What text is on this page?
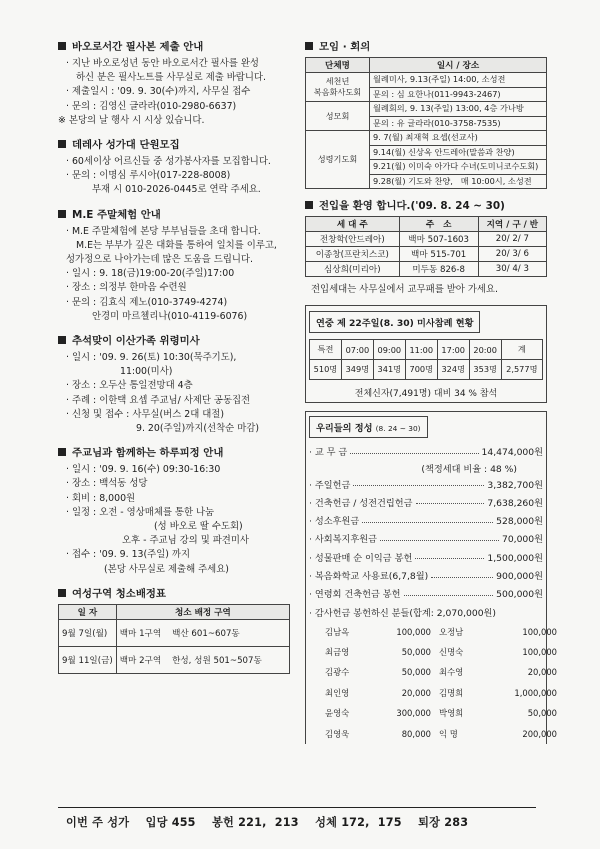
바오로서간 필사본 제출 안내
· 지난 바오로성년 동안 바오로서간 필사를 완성
하신 분은 필사노트를 사무실로 제출 바랍니다.
· 제출일시 : '09. 9. 30(수)까지, 사무실 접수
· 문의 : 김영신 글라라(010-2980-6637)
※ 본당의 날 행사 시 시상 있습니다.
데레사 성가대 단원모집
· 60세이상 어르신들 중 성가봉사자를 모집합니다.
· 문의 : 이명심 루시아(017-228-8008)
부재 시 010-2026-0445로 연락 주세요.
M.E 주말체험 안내
· M.E 주말체험에 본당 부부님들을 초대 합니다.
M.E는 부부가 깊은 대화를 통하여 일치를 이루고,
성가정으로 나아가는데 많은 도움을 드립니다.
· 일시 : 9. 18(금)19:00-20(주일)17:00
· 장소 : 의정부 한마음 수련원
· 문의 : 김효식 제노(010-3749-4274)
안경미 마르첼리나(010-4119-6076)
추석맞이 이산가족 위령미사
· 일시 : '09. 9. 26(토) 10:30(묵주기도),
11:00(미사)
· 장소 : 오두산 통일전망대 4층
· 주례 : 이한택 요셉 주교님/ 사제단 공동집전
· 신청 및 접수 : 사무실(버스 2대 대절)
9. 20(주일)까지(선착순 마감)
주교님과 함께하는 하루피정 안내
· 일시 : '09. 9. 16(수) 09:30-16:30
· 장소 : 백석동 성당
· 회비 : 8,000원
· 일정 : 오전 - 영상매체를 통한 나눔
(성 바오로 딸 수도회)
오후 - 주교님 강의 및 파견미사
· 접수 : '09. 9. 13(주일) 까지
(본당 사무실로 제출해 주세요)
여성구역 청소배정표
일 자	청소 배정 구역
9월 7일(월)	백마 1구역    백산 601~607동
9월 11일(금)	백마 2구역    한성, 성원 501~507동
모임 · 회의
단체명	일시 / 장소

세천년
복음화사도회	월례미사, 9.13(주일) 14:00, 소성전
	문의 : 심 요한나(011-9943-2467)
성모회	월례회의, 9. 13(주일) 13:00, 4층 가나방
	문의 : 유 글라라(010-3758-7535)
성령기도회	9. 7(월) 최재혁 요셉(선교사)
	9.14(월) 신상옥 안드레아(말씀과 찬양)
	9.21(월) 이미숙 아가다 수녀(도미니코수도회)
	9.28(월) 기도와 찬양,   매 10:00시, 소성전
전입을 환영 합니다.('09. 8. 24 ~ 30)
세 대 주	주   소	지역 / 구 / 반
전창학(안드레아)	백마 507-1603	20/ 2/ 7
이종창(프란치스코)	백마 515-701	20/ 3/ 6
심상희(미리아)	미두동 826-8	30/ 4/ 3
전입세대는 사무실에서 교무패를 받아 가세요.
연중 제 22주일(8. 30) 미사참례 현황
특전	07:00	09:00	11:00	17:00	20:00	계
510명	349명	341명	700명	324명	353명	2,577명
전체신자(7,491명) 대비 34 % 참석
우리들의 정성 (8. 24 ~ 30)
· 교 무 금	14,474,000원
(책정세대 비율 : 48 %)
· 주일헌금	3,382,700원
· 건축헌금 / 성전건립헌금	7,638,260원
· 성소후원금	528,000원
· 사회복지후원금	70,000원
· 성물판매 순 이익금 봉헌	1,500,000원
· 복음화학교 사용료(6,7,8월)	900,000원
· 연령회 건축헌금 봉헌	500,000원
· 감사헌금 봉헌하신 분들(합계: 2,070,000원)
김남옥	100,000 오정남	100,000
최금영	50,000 신명숙	100,000
김광수	50,000 최수영	20,000
최인영	20,000 김명희	1,000,000
윤영숙	300,000 박영희	50,000
김영욱	80,000 익 명	200,000
이번 주 성가    입당 455    봉헌 221,  213    성체 172,  175    퇴장 283
